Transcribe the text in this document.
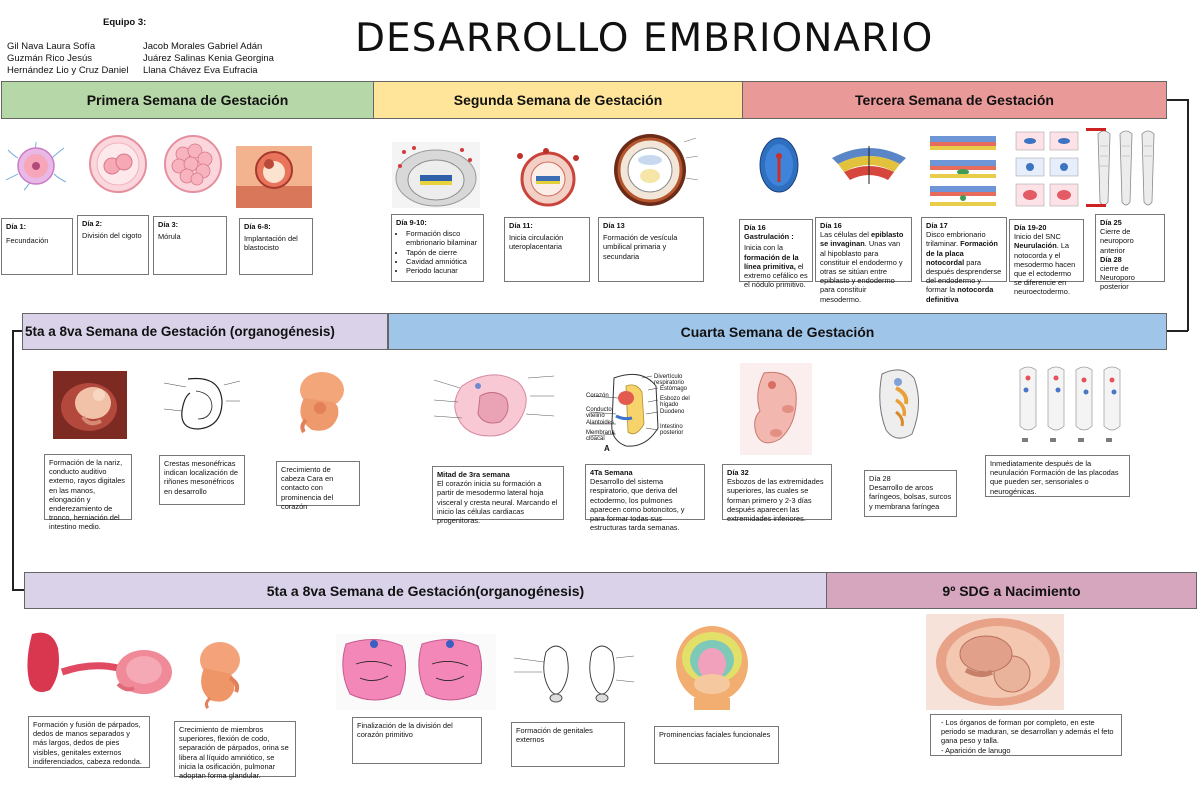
Equipo 3:
Gil Nava Laura Sofía
Guzmán Rico Jesús
Hernández Lio y Cruz Daniel
Jacob Morales Gabriel Adán
Juárez Salinas Kenia Georgina
Llana Chávez Eva Eufracia
DESARROLLO EMBRIONARIO
Primera Semana de Gestación	Segunda Semana de Gestación	Tercera Semana de Gestación
Día 1:
Fecundación
Día 2:
División del cigoto
Día 3:
Mórula
Día 6-8:
Implantación del blastocisto
Día 9-10:
• Formación disco embrionario bilaminar
• Tapón de cierre
• Cavidad amniótica
• Periodo lacunar
Día 11:
Inicia circulación uteroplacentaria
Día 13
Formación de vesícula umbilical primaria y secundaria
Día 16 Gastrulación :
Inicia con la formación de la línea primitiva, el extremo cefálico es el nódulo primitivo.
Día 16
Las células del epiblasto se invaginan. Unas van al hipoblasto para constituir el endodermo y otras se sitúan entre epiblasto y endodermo para constituir mesodermo.
Día 17
Disco embrionario trilaminar. Formación de la placa notocordal para después desprenderse del endodermo y formar la notocorda definitiva
Día 19-20
Inicio del SNC Neurulación. La notocorda y el mesodermo hacen que el ectodermo se diferencie en neuroectodermo.
Día 25
Cierre de neuroporo anterior
Día 28
cierre de Neuroporo posterior
5ta a 8va Semana de Gestación (organogénesis)	Cuarta Semana de Gestación
Divertículo respiratorio
Estómago
Esbozo del hígado
Duodeno
Intestino posterior
Corazón
Conducto vitelino
Alantoides
Membrana cloacal
A
Formación de la nariz, conducto auditivo externo, rayos digitales en las manos, elongación y enderezamiento de tronco, herniación del intestino medio.
Crestas mesonéfricas indican localización de riñones mesonéfricos en desarrollo
Crecimiento de cabeza Cara en contacto con prominencia del corazón
Mitad de 3ra semana
El corazón inicia su formación a partir de mesodermo lateral hoja visceral y cresta neural. Marcando el inicio las células cardiacas progenitoras.
4Ta Semana
Desarrollo del sistema respiratorio, que deriva del ectodermo, los pulmones aparecen como botoncitos, y para formar todas sus estructuras tarda semanas.
Día 32
Esbozos de las extremidades superiores, las cuales se forman primero y 2-3 días después aparecen las extremidades inferiores.
Día 28
Desarrollo de arcos faríngeos, bolsas, surcos y membrana faríngea
Inmediatamente después de la neurulación Formación de las placodas que pueden ser, sensoriales o neurogénicas.
5ta a 8va Semana de Gestación(organogénesis)	9º SDG a Nacimiento
Formación y fusión de párpados, dedos de manos separados y más largos, dedos de pies visibles, genitales externos indiferenciados, cabeza redonda.
Crecimiento de miembros superiores, flexión de codo, separación de párpados, orina se libera al líquido amniótico, se inicia la osificación, pulmonar adoptan forma glandular.
Finalización de la división del corazón primitivo	Formación de genitales externos
Prominencias faciales funcionales
- Los órganos de forman por completo, en este periodo se maduran, se desarrollan y además el feto gana peso y talla.
- Aparición de lanugo
